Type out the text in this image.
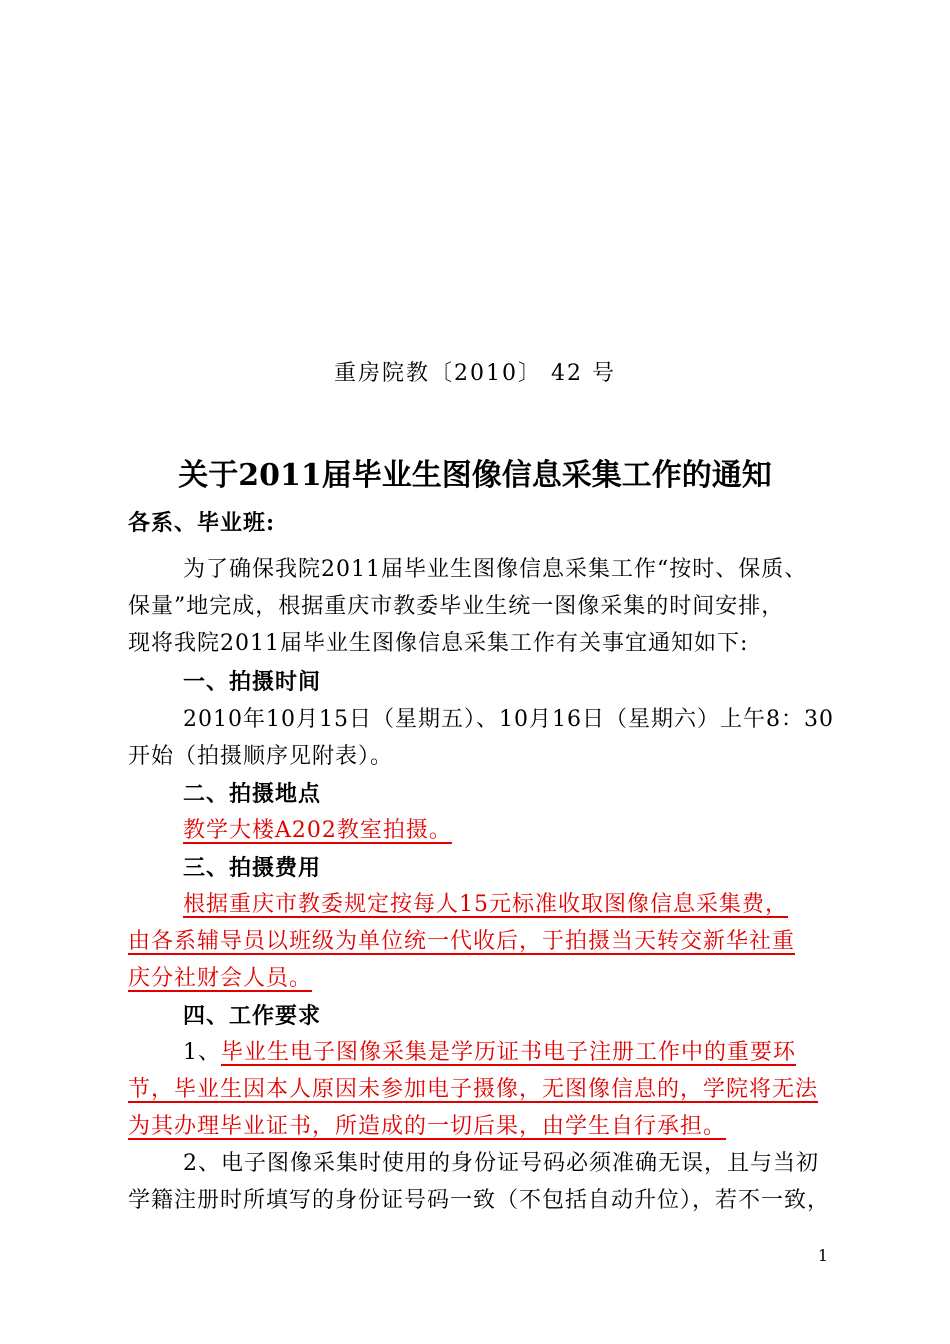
重房院教〔2010〕 42 号
关于2011届毕业生图像信息采集工作的通知
各系、毕业班:
为了确保我院2011届毕业生图像信息采集工作“按时、保质、
保量”地完成，根据重庆市教委毕业生统一图像采集的时间安排，
现将我院2011届毕业生图像信息采集工作有关事宜通知如下:
一、拍摄时间
2010年10月15日（星期五）、10月16日（星期六）上午8：30
开始（拍摄顺序见附表）。
二、拍摄地点
教学大楼A202教室拍摄。
三、拍摄费用
根据重庆市教委规定按每人15元标准收取图像信息采集费，
由各系辅导员以班级为单位统一代收后，于拍摄当天转交新华社重
庆分社财会人员。
四、工作要求
1、毕业生电子图像采集是学历证书电子注册工作中的重要环
节，毕业生因本人原因未参加电子摄像，无图像信息的，学院将无法
为其办理毕业证书，所造成的一切后果，由学生自行承担。
2、电子图像采集时使用的身份证号码必须准确无误，且与当初
学籍注册时所填写的身份证号码一致（不包括自动升位），若不一致，
1
